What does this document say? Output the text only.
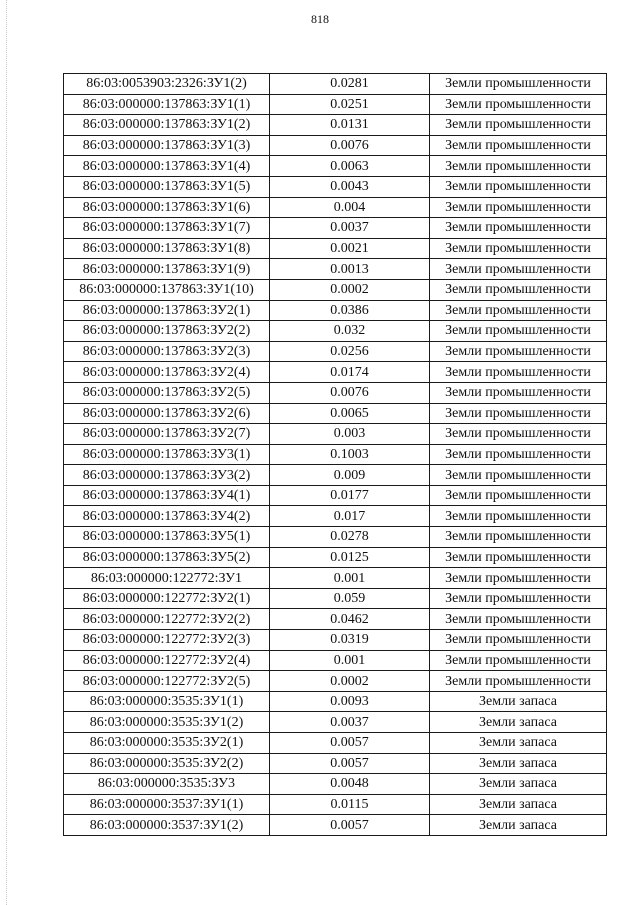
818
86:03:0053903:2326:ЗУ1(2)	0.0281	Земли промышленности
86:03:000000:137863:ЗУ1(1)	0.0251	Земли промышленности
86:03:000000:137863:ЗУ1(2)	0.0131	Земли промышленности
86:03:000000:137863:ЗУ1(3)	0.0076	Земли промышленности
86:03:000000:137863:ЗУ1(4)	0.0063	Земли промышленности
86:03:000000:137863:ЗУ1(5)	0.0043	Земли промышленности
86:03:000000:137863:ЗУ1(6)	0.004	Земли промышленности
86:03:000000:137863:ЗУ1(7)	0.0037	Земли промышленности
86:03:000000:137863:ЗУ1(8)	0.0021	Земли промышленности
86:03:000000:137863:ЗУ1(9)	0.0013	Земли промышленности
86:03:000000:137863:ЗУ1(10)	0.0002	Земли промышленности
86:03:000000:137863:ЗУ2(1)	0.0386	Земли промышленности
86:03:000000:137863:ЗУ2(2)	0.032	Земли промышленности
86:03:000000:137863:ЗУ2(3)	0.0256	Земли промышленности
86:03:000000:137863:ЗУ2(4)	0.0174	Земли промышленности
86:03:000000:137863:ЗУ2(5)	0.0076	Земли промышленности
86:03:000000:137863:ЗУ2(6)	0.0065	Земли промышленности
86:03:000000:137863:ЗУ2(7)	0.003	Земли промышленности
86:03:000000:137863:ЗУ3(1)	0.1003	Земли промышленности
86:03:000000:137863:ЗУ3(2)	0.009	Земли промышленности
86:03:000000:137863:ЗУ4(1)	0.0177	Земли промышленности
86:03:000000:137863:ЗУ4(2)	0.017	Земли промышленности
86:03:000000:137863:ЗУ5(1)	0.0278	Земли промышленности
86:03:000000:137863:ЗУ5(2)	0.0125	Земли промышленности
86:03:000000:122772:ЗУ1	0.001	Земли промышленности
86:03:000000:122772:ЗУ2(1)	0.059	Земли промышленности
86:03:000000:122772:ЗУ2(2)	0.0462	Земли промышленности
86:03:000000:122772:ЗУ2(3)	0.0319	Земли промышленности
86:03:000000:122772:ЗУ2(4)	0.001	Земли промышленности
86:03:000000:122772:ЗУ2(5)	0.0002	Земли промышленности
86:03:000000:3535:ЗУ1(1)	0.0093	Земли запаса
86:03:000000:3535:ЗУ1(2)	0.0037	Земли запаса
86:03:000000:3535:ЗУ2(1)	0.0057	Земли запаса
86:03:000000:3535:ЗУ2(2)	0.0057	Земли запаса
86:03:000000:3535:ЗУ3	0.0048	Земли запаса
86:03:000000:3537:ЗУ1(1)	0.0115	Земли запаса
86:03:000000:3537:ЗУ1(2)	0.0057	Земли запаса
